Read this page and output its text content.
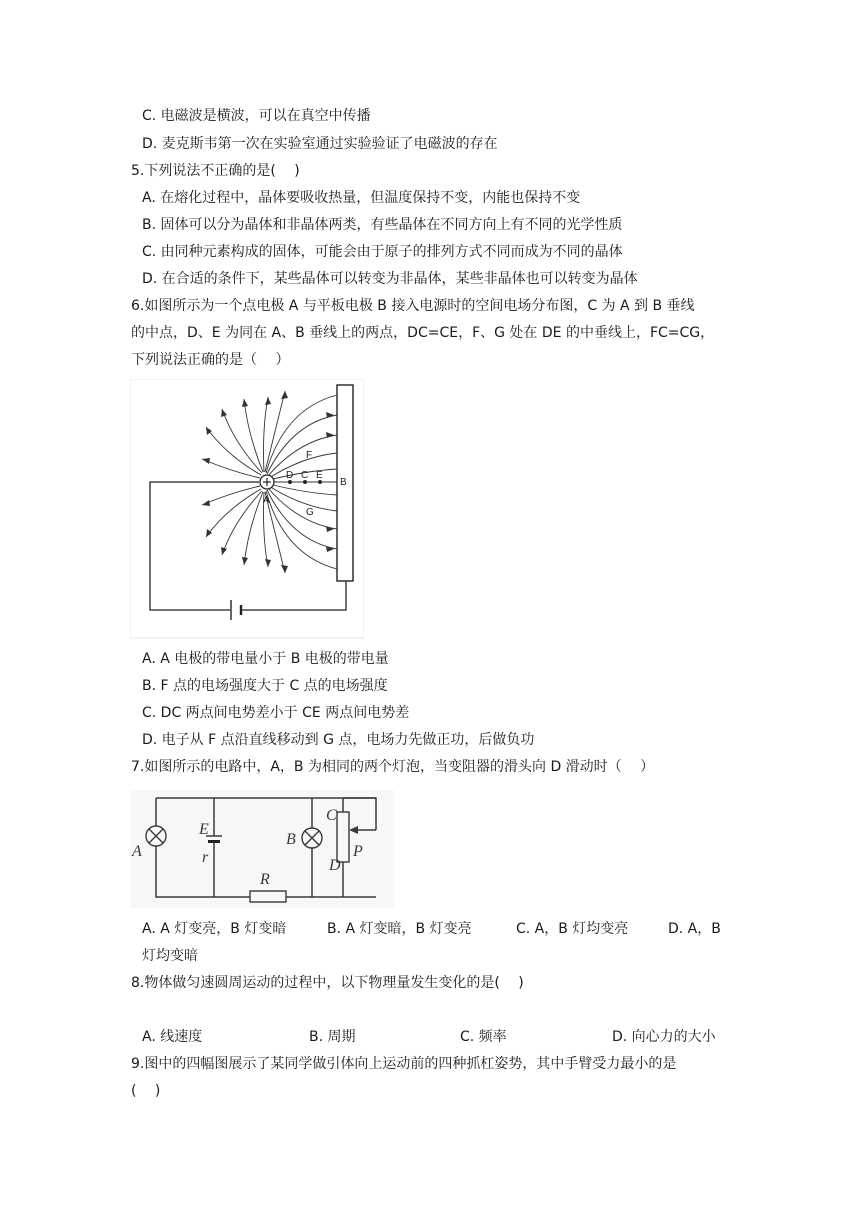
C. 电磁波是横波，可以在真空中传播
D. 麦克斯韦第一次在实验室通过实验验证了电磁波的存在
5.下列说法不正确的是(　 )
A. 在熔化过程中，晶体要吸收热量，但温度保持不变，内能也保持不变
B. 固体可以分为晶体和非晶体两类，有些晶体在不同方向上有不同的光学性质
C. 由同种元素构成的固体，可能会由于原子的排列方式不同而成为不同的晶体
D. 在合适的条件下，某些晶体可以转变为非晶体，某些非晶体也可以转变为晶体
6.如图所示为一个点电极 A 与平板电极 B 接入电源时的空间电场分布图，C 为 A 到 B 垂线
的中点，D、E 为同在 A、B 垂线上的两点，DC=CE，F、G 处在 DE 的中垂线上，FC=CG，
下列说法正确的是（　 ）
A
B
D C E
F
G
A. A 电极的带电量小于 B 电极的带电量
B. F 点的电场强度大于 C 点的电场强度
C. DC 两点间电势差小于 CE 两点间电势差
D. 电子从 F 点沿直线移动到 G 点，电场力先做正功，后做负功
7.如图所示的电路中，A，B 为相同的两个灯泡，当变阻器的滑头向 D 滑动时（　 ）
A
E
r
R
B
C
D
P
A. A 灯变亮，B 灯变暗	B. A 灯变暗，B 灯变亮	C. A，B 灯均变亮	D. A，B
灯均变暗
8.物体做匀速圆周运动的过程中，以下物理量发生变化的是(　 )
A. 线速度	B. 周期	C. 频率	D. 向心力的大小
9.图中的四幅图展示了某同学做引体向上运动前的四种抓杠姿势，其中手臂受力最小的是
(　 )
